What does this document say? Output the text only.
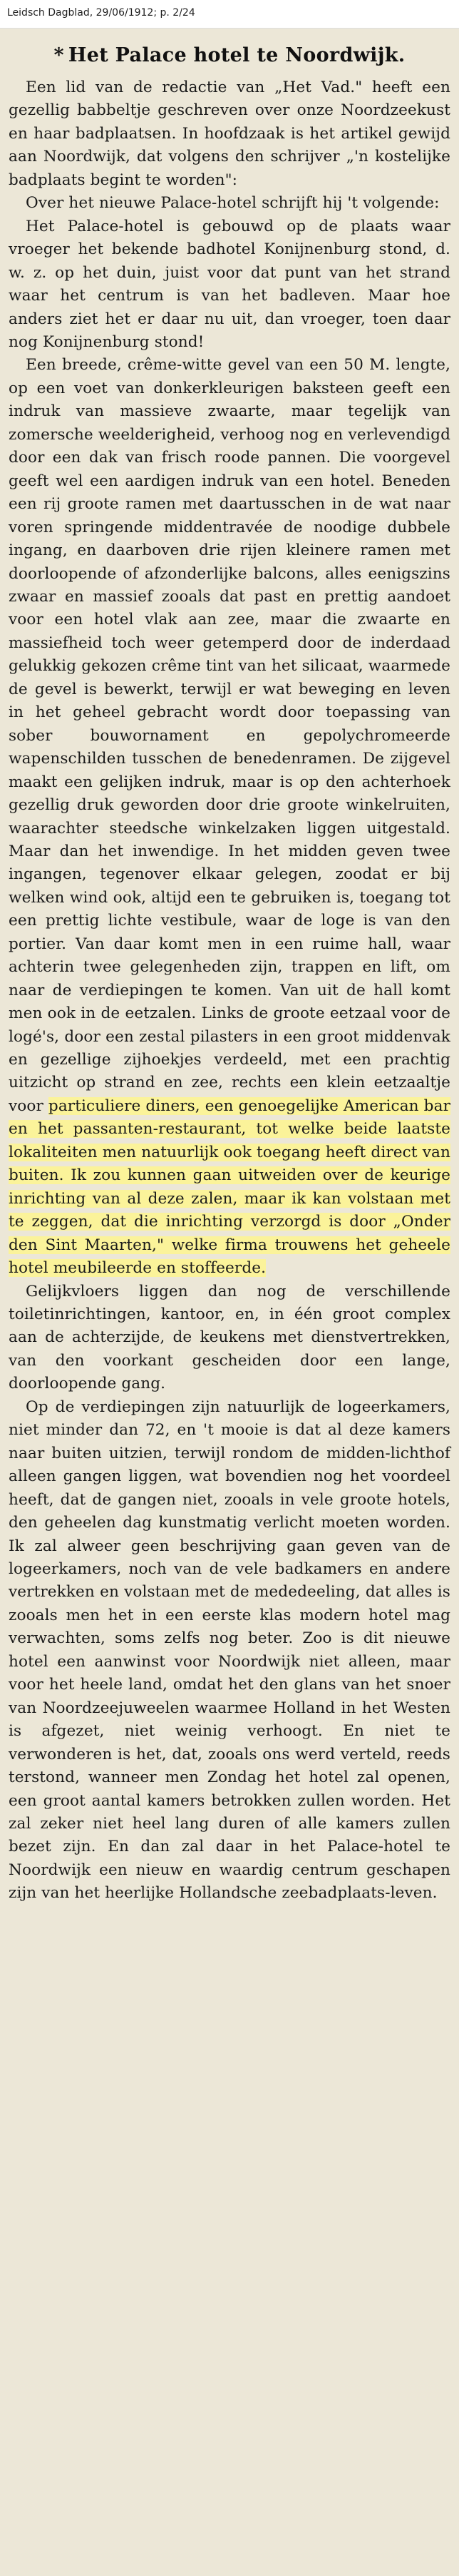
Leidsch Dagblad, 29/06/1912; p. 2/24
* Het Palace hotel te Noordwijk.

Een lid van de redactie van „Het Vad." heeft een gezellig babbeltje geschreven over onze Noordzeekust en haar badplaatsen. In hoofdzaak is het artikel gewijd aan Noordwijk, dat volgens den schrijver „'n kostelijke badplaats begint te worden":

Over het nieuwe Palace-hotel schrijft hij 't volgende:

Het Palace-hotel is gebouwd op de plaats waar vroeger het bekende badhotel Konijnenburg stond, d. w. z. op het duin, juist voor dat punt van het strand waar het centrum is van het badleven. Maar hoe anders ziet het er daar nu uit, dan vroeger, toen daar nog Konijnenburg stond!

Een breede, crême-witte gevel van een 50 M. lengte, op een voet van donkerkleurigen baksteen geeft een indruk van massieve zwaarte, maar tegelijk van zomersche weelderigheid, verhoog nog en verlevendigd door een dak van frisch roode pannen. Die voorgevel geeft wel een aardigen indruk van een hotel. Beneden een rij groote ramen met daartusschen in de wat naar voren springende middentravée de noodige dubbele ingang, en daarboven drie rijen kleinere ramen met doorloopende of afzonderlijke balcons, alles eenigszins zwaar en massief zooals dat past en prettig aandoet voor een hotel vlak aan zee, maar die zwaarte en massiefheid toch weer getemperd door de inderdaad gelukkig gekozen crême tint van het silicaat, waarmede de gevel is bewerkt, terwijl er wat beweging en leven in het geheel gebracht wordt door toepassing van sober bouwornament en gepolychromeerde wapenschilden tusschen de benedenramen. De zijgevel maakt een gelijken indruk, maar is op den achterhoek gezellig druk geworden door drie groote winkelruiten, waarachter steedsche winkelzaken liggen uitgestald. Maar dan het inwendige. In het midden geven twee ingangen, tegenover elkaar gelegen, zoodat er bij welken wind ook, altijd een te gebruiken is, toegang tot een prettig lichte vestibule, waar de loge is van den portier. Van daar komt men in een ruime hall, waar achterin twee gelegenheden zijn, trappen en lift, om naar de verdiepingen te komen. Van uit de hall komt men ook in de eetzalen. Links de groote eetzaal voor de logé's, door een zestal pilasters in een groot middenvak en gezellige zijhoekjes verdeeld, met een prachtig uitzicht op strand en zee, rechts een klein eetzaaltje voor particuliere diners, een genoegelijke American bar en het passanten-restaurant, tot welke beide laatste lokaliteiten men natuurlijk ook toegang heeft direct van buiten. Ik zou kunnen gaan uitweiden over de keurige inrichting van al deze zalen, maar ik kan volstaan met te zeggen, dat die inrichting verzorgd is door „Onder den Sint Maarten," welke firma trouwens het geheele hotel meubileerde en stoffeerde.

Gelijkvloers liggen dan nog de verschillende toiletinrichtingen, kantoor, en, in één groot complex aan de achterzijde, de keukens met dienstvertrekken, van den voorkant gescheiden door een lange, doorloopende gang.

Op de verdiepingen zijn natuurlijk de logeerkamers, niet minder dan 72, en 't mooie is dat al deze kamers naar buiten uitzien, terwijl rondom de midden-lichthof alleen gangen liggen, wat bovendien nog het voordeel heeft, dat de gangen niet, zooals in vele groote hotels, den geheelen dag kunstmatig verlicht moeten worden. Ik zal alweer geen beschrijving gaan geven van de logeerkamers, noch van de vele badkamers en andere vertrekken en volstaan met de mededeeling, dat alles is zooals men het in een eerste klas modern hotel mag verwachten, soms zelfs nog beter. Zoo is dit nieuwe hotel een aanwinst voor Noordwijk niet alleen, maar voor het heele land, omdat het den glans van het snoer van Noordzeejuweelen waarmee Holland in het Westen is afgezet, niet weinig verhoogt. En niet te verwonderen is het, dat, zooals ons werd verteld, reeds terstond, wanneer men Zondag het hotel zal openen, een groot aantal kamers betrokken zullen worden. Het zal zeker niet heel lang duren of alle kamers zullen bezet zijn. En dan zal daar in het Palace-hotel te Noordwijk een nieuw en waardig centrum geschapen zijn van het heerlijke Hollandsche zeebadplaats-leven.
